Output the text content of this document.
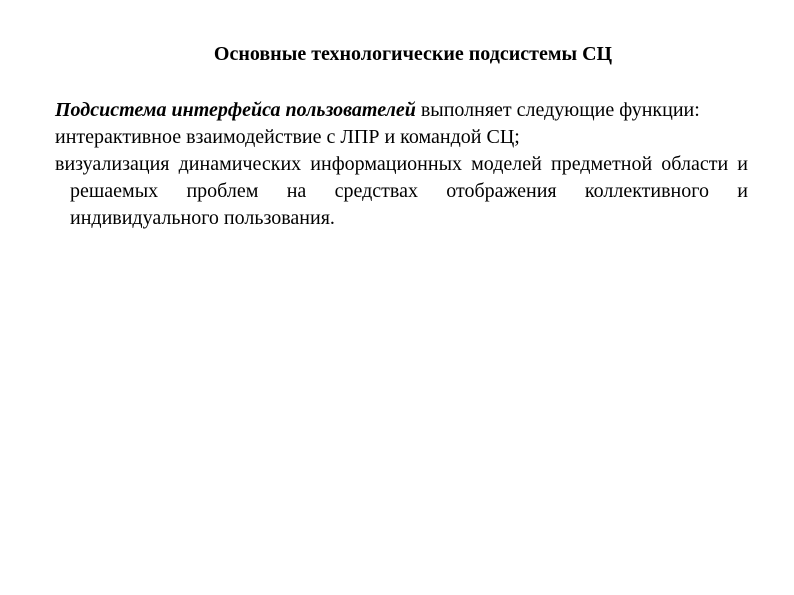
Основные технологические подсистемы СЦ

Подсистема интерфейса пользователей выполняет следующие функции:

интерактивное взаимодействие с ЛПР и командой СЦ;

визуализация динамических информационных моделей предметной области и решаемых проблем на средствах отображения коллективного и индивидуального пользования.
